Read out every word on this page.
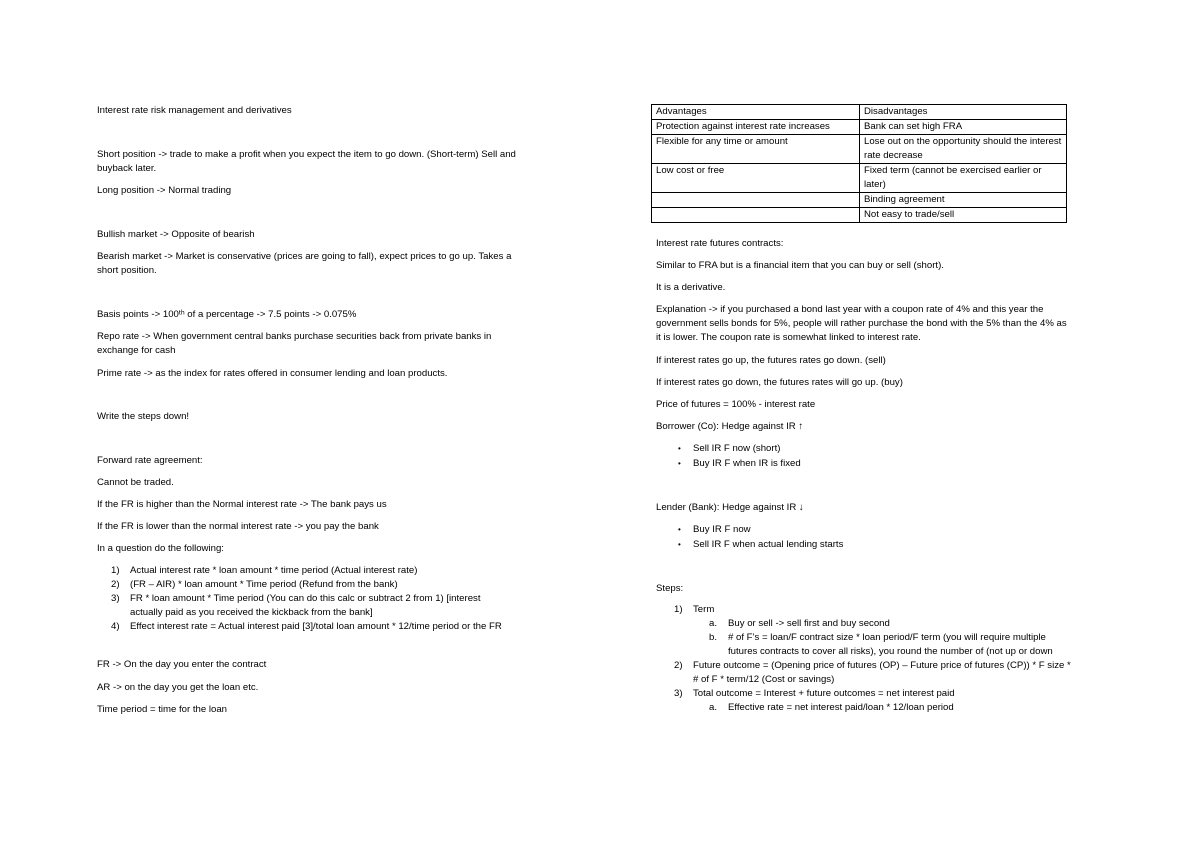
Interest rate risk management and derivatives

Short position -> trade to make a profit when you expect the item to go down. (Short-term) Sell and buyback later.

Long position -> Normal trading

Bullish market -> Opposite of bearish

Bearish market -> Market is conservative (prices are going to fall), expect prices to go up. Takes a short position.

Basis points -> 100ᵗʰ of a percentage -> 7.5 points -> 0.075%

Repo rate -> When government central banks purchase securities back from private banks in exchange for cash

Prime rate -> as the index for rates offered in consumer lending and loan products.

Write the steps down!

Forward rate agreement:

Cannot be traded.

If the FR is higher than the Normal interest rate -> The bank pays us

If the FR is lower than the normal interest rate -> you pay the bank

In a question do the following:

1)	Actual interest rate * loan amount * time period (Actual interest rate)
2)	(FR – AIR) * loan amount * Time period (Refund from the bank)
3)	FR * loan amount * Time period (You can do this calc or subtract 2 from 1) [interest actually paid as you received the kickback from the bank]
4)	Effect interest rate = Actual interest paid [3]/total loan amount * 12/time period or the FR

FR -> On the day you enter the contract

AR -> on the day you get the loan etc.

Time period = time for the loan

Advantages	Disadvantages
Protection against interest rate increases	Bank can set high FRA
Flexible for any time or amount	Lose out on the opportunity should the interest rate decrease
Low cost or free	Fixed term (cannot be exercised earlier or later)
	Binding agreement
	Not easy to trade/sell

Interest rate futures contracts:

Similar to FRA but is a financial item that you can buy or sell (short).

It is a derivative.

Explanation -> if you purchased a bond last year with a coupon rate of 4% and this year the government sells bonds for 5%, people will rather purchase the bond with the 5% than the 4% as it is lower. The coupon rate is somewhat linked to interest rate.

If interest rates go up, the futures rates go down. (sell)

If interest rates go down, the futures rates will go up. (buy)

Price of futures = 100% - interest rate

Borrower (Co): Hedge against IR ↑

•	Sell IR F now (short)
•	Buy IR F when IR is fixed

Lender (Bank): Hedge against IR ↓

•	Buy IR F now
•	Sell IR F when actual lending starts

Steps:

1)	Term
a.	Buy or sell -> sell first and buy second
b.	# of F’s = loan/F contract size * loan period/F term (you will require multiple futures contracts to cover all risks), you round the number of (not up or down
2)	Future outcome = (Opening price of futures (OP) – Future price of futures (CP)) * F size * # of F * term/12 (Cost or savings)
3)	Total outcome = Interest + future outcomes = net interest paid
a.	Effective rate = net interest paid/loan * 12/loan period
